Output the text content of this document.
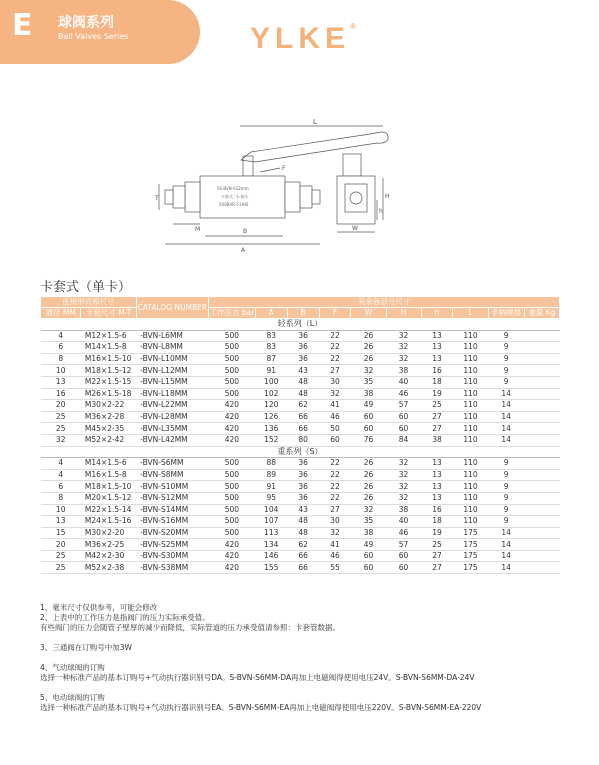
E 球阀系列
Ball Valves Series	YLKE®
L
F
SS-BVN-S12mm
卡套式一L·接头
500BAR·5·UHS
T
M	B
A
H
h
W
卡套式（单卡）
连接形式和尺寸		CATALOG NUMBER	其余各部分尺寸									
通径 MM	卡套尺寸 M-T		工作压力 bar	A	B	F	W	H	h	L	手柄规格	重量 Kg
轻系列（L）												
4	M12×1.5-6	-BVN-L6MM	500	83	36	22	26	32	13	110	9	
6	M14×1.5-8	-BVN-L8MM	500	83	36	22	26	32	13	110	9	
8	M16×1.5-10	-BVN-L10MM	500	87	36	22	26	32	13	110	9	
10	M18×1.5-12	-BVN-L12MM	500	91	43	27	32	38	16	110	9	
13	M22×1.5-15	-BVN-L15MM	500	100	48	30	35	40	18	110	9	
16	M26×1.5-18	-BVN-L18MM	500	102	48	32	38	46	19	110	14	
20	M30×2-22	-BVN-L22MM	420	120	62	41	49	57	25	110	14	
25	M36×2-28	-BVN-L28MM	420	126	66	46	60	60	27	110	14	
25	M45×2-35	-BVN-L35MM	420	136	66	50	60	60	27	110	14	
32	M52×2-42	-BVN-L42MM	420	152	80	60	76	84	38	110	14	
重系列（S）												
4	M14×1.5-6	-BVN-S6MM	500	88	36	22	26	32	13	110	9	
4	M16×1.5-8	-BVN-S8MM	500	89	36	22	26	32	13	110	9	
6	M18×1.5-10	-BVN-S10MM	500	91	36	22	26	32	13	110	9	
8	M20×1.5-12	-BVN-S12MM	500	95	36	22	26	32	13	110	9	
10	M22×1.5-14	-BVN-S14MM	500	104	43	27	32	38	16	110	9	
13	M24×1.5-16	-BVN-S16MM	500	107	48	30	35	40	18	110	9	
15	M30×2-20	-BVN-S20MM	500	113	48	32	38	46	19	175	14	
20	M36×2-25	-BVN-S25MM	420	134	62	41	49	57	25	175	14	
25	M42×2-30	-BVN-S30MM	420	146	66	46	60	60	27	175	14	
25	M52×2-38	-BVN-S38MM	420	155	66	55	60	60	27	175	14	

1、毫米尺寸仅供参考，可能会修改

2、上表中的工作压力是指阀门的压力实际承受值。

有些阀门的压力会随管子壁厚的减少而降低，实际管道的压力承受值请参照：卡套管数据。

3、三通阀在订购号中加3W

4、气动球阀的订购

选择一种标准产品的基本订购号+气动执行器识别号DA。S-BVN-S6MM-DA再加上电磁阀得使用电压24V。S-BVN-S6MM-DA-24V

5、电动球阀的订购

选择一种标准产品的基本订购号+气动执行器识别号EA。S-BVN-S6MM-EA再加上电磁阀得使用电压220V。S-BVN-S6MM-EA-220V
